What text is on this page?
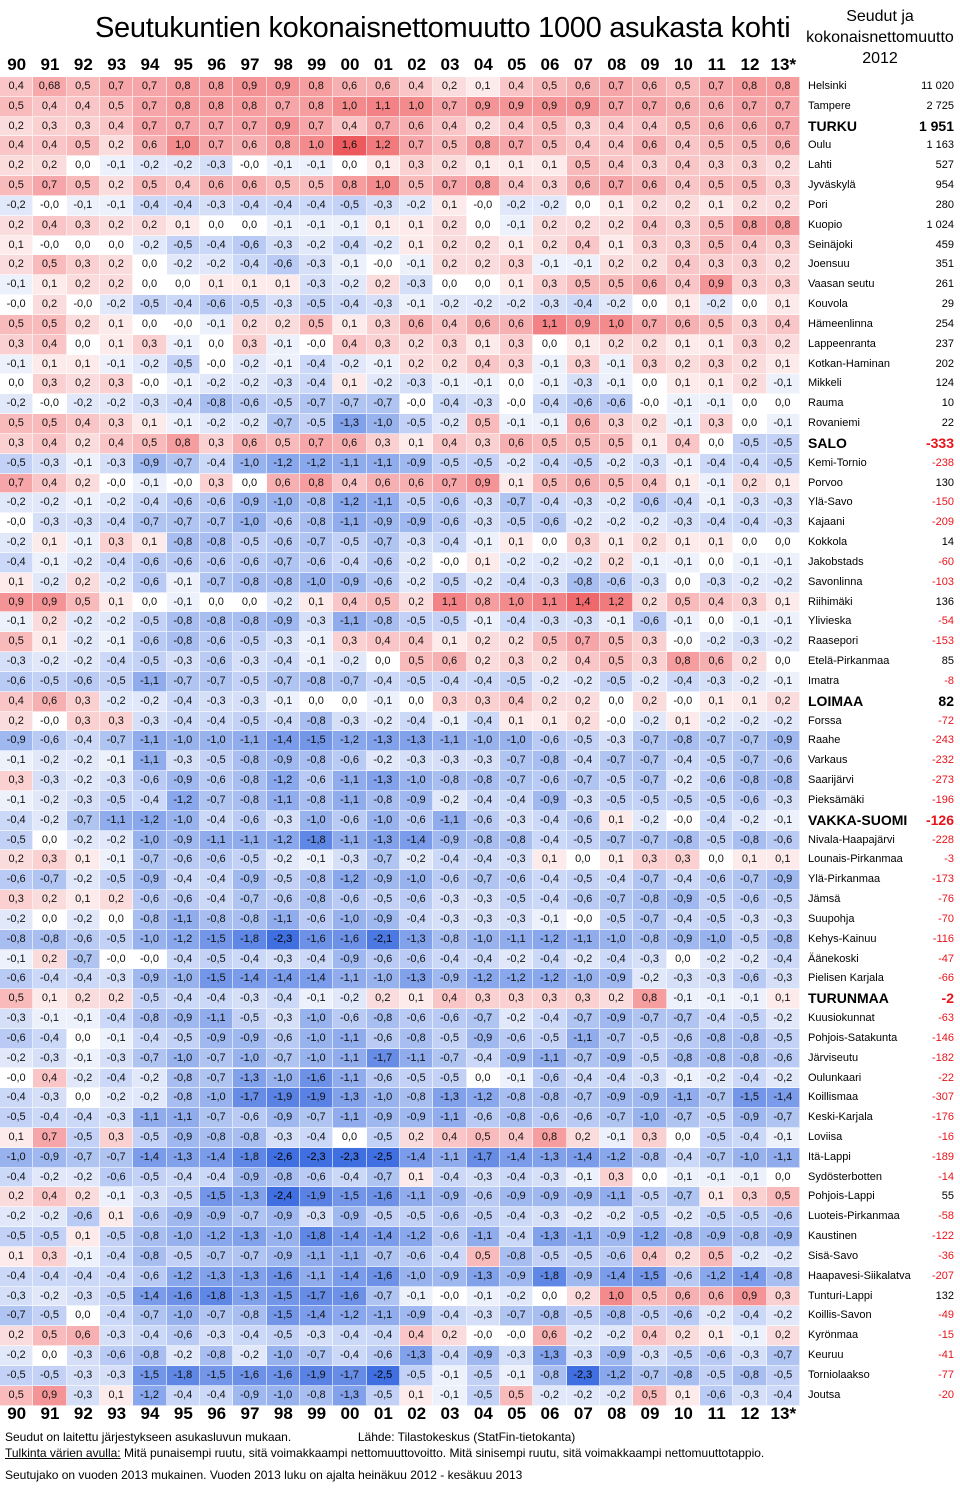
Seutukuntien kokonaisnettomuutto 1000 asukasta kohti	Seudut ja
kokonaisnettomuutto
2012
90 91 92 93 94 95 96 97 98 99 00 01 02 03 04 05 06 07 08 09 10 11 12 13*
0,4	0,68	0,5	0,7	0,7	0,8	0,8	0,9	0,9	0,8	0,6	0,6	0,4	0,2	0,1	0,4	0,5	0,6	0,7	0,6	0,5	0,7	0,8	0,8	Helsinki	11 020
0,5	0,4	0,4	0,5	0,7	0,8	0,8	0,8	0,7	0,8	1,0	1,1	1,0	0,7	0,9	0,9	0,9	0,9	0,7	0,7	0,6	0,6	0,7	0,7	Tampere	2 725
0,2	0,3	0,3	0,4	0,7	0,7	0,7	0,7	0,9	0,7	0,4	0,7	0,6	0,4	0,2	0,4	0,5	0,3	0,4	0,4	0,5	0,6	0,6	0,7	TURKU	1 951
0,4	0,4	0,5	0,2	0,6	1,0	0,7	0,6	0,8	1,0	1,6	1,2	0,7	0,5	0,8	0,7	0,5	0,4	0,4	0,6	0,4	0,5	0,5	0,6	Oulu	1 163
0,2	0,2	0,0	-0,1	-0,2	-0,2	-0,3	-0,0	-0,1	-0,1	0,0	0,1	0,3	0,2	0,1	0,1	0,1	0,5	0,4	0,3	0,4	0,3	0,3	0,2	Lahti	527
0,5	0,7	0,5	0,2	0,5	0,4	0,6	0,6	0,5	0,5	0,8	1,0	0,5	0,7	0,8	0,4	0,3	0,6	0,7	0,6	0,4	0,5	0,5	0,3	Jyväskylä	954
-0,2	-0,0	-0,1	-0,1	-0,4	-0,4	-0,3	-0,4	-0,4	-0,4	-0,5	-0,3	-0,2	0,1	-0,0	-0,2	-0,2	0,0	0,1	0,2	0,2	0,1	0,2	0,2	Pori	280
0,2	0,4	0,3	0,2	0,2	0,1	0,0	0,0	-0,1	-0,1	-0,1	0,1	0,1	0,2	0,0	-0,1	0,2	0,2	0,2	0,4	0,3	0,5	0,8	0,8	Kuopio	1 024
0,1	-0,0	0,0	0,0	-0,2	-0,5	-0,4	-0,6	-0,3	-0,2	-0,4	-0,2	0,1	0,2	0,2	0,1	0,2	0,4	0,1	0,3	0,3	0,5	0,4	0,3	Seinäjoki	459
0,2	0,5	0,3	0,2	0,0	-0,2	-0,2	-0,4	-0,6	-0,3	-0,1	-0,0	-0,1	0,2	0,2	0,3	-0,1	-0,1	0,2	0,2	0,4	0,3	0,3	0,2	Joensuu	351
-0,1	0,1	0,2	0,2	0,0	0,0	0,1	0,1	0,1	-0,3	-0,2	0,2	-0,3	0,0	0,0	0,1	0,3	0,5	0,5	0,6	0,4	0,9	0,3	0,3	Vaasan seutu	261
-0,0	0,2	-0,0	-0,2	-0,5	-0,4	-0,6	-0,5	-0,3	-0,5	-0,4	-0,3	-0,1	-0,2	-0,2	-0,2	-0,3	-0,4	-0,2	0,0	0,1	-0,2	0,0	0,1	Kouvola	29
0,5	0,5	0,2	0,1	0,0	-0,0	-0,1	0,2	0,2	0,5	0,1	0,3	0,6	0,4	0,6	0,6	1,1	0,9	1,0	0,7	0,6	0,5	0,3	0,4	Hämeenlinna	254
0,3	0,4	0,0	0,1	0,3	-0,1	0,0	0,3	-0,1	-0,0	0,4	0,3	0,2	0,3	0,1	0,3	0,0	0,1	0,2	0,2	0,1	0,1	0,3	0,2	Lappeenranta	237
-0,1	0,1	0,1	-0,1	-0,2	-0,5	-0,0	-0,2	-0,1	-0,4	-0,2	-0,1	0,2	0,2	0,4	0,3	-0,1	0,3	-0,1	0,3	0,2	0,3	0,2	0,1	Kotkan-Haminan	202
0,0	0,3	0,2	0,3	-0,0	-0,1	-0,2	-0,2	-0,3	-0,4	0,1	-0,2	-0,3	-0,1	-0,1	0,0	-0,1	-0,3	-0,1	0,0	0,1	0,1	0,2	-0,1	Mikkeli	124
-0,2	-0,0	-0,2	-0,2	-0,3	-0,4	-0,8	-0,6	-0,5	-0,7	-0,7	-0,7	-0,0	-0,4	-0,3	-0,0	-0,4	-0,6	-0,6	-0,0	-0,1	-0,1	0,0	0,0	Rauma	10
0,5	0,5	0,4	0,3	0,1	-0,1	-0,2	-0,2	-0,7	-0,5	-1,3	-1,0	-0,5	-0,2	0,5	-0,1	-0,1	0,6	0,3	0,2	-0,1	0,3	0,0	-0,1	Rovaniemi	22
0,3	0,4	0,2	0,4	0,5	0,8	0,3	0,6	0,5	0,7	0,6	0,3	0,1	0,4	0,3	0,6	0,5	0,5	0,5	0,1	0,4	0,0	-0,5	-0,5	SALO	-333
-0,5	-0,3	-0,1	-0,3	-0,9	-0,7	-0,4	-1,0	-1,2	-1,2	-1,1	-1,1	-0,9	-0,5	-0,5	-0,2	-0,4	-0,5	-0,2	-0,3	-0,1	-0,4	-0,4	-0,5	Kemi-Tornio	-238
0,7	0,4	0,2	-0,0	-0,1	-0,0	0,3	0,0	0,6	0,8	0,4	0,6	0,6	0,7	0,9	0,1	0,5	0,6	0,5	0,4	0,1	-0,1	0,2	0,1	Porvoo	130
-0,2	-0,2	-0,1	-0,2	-0,4	-0,6	-0,6	-0,9	-1,0	-0,8	-1,2	-1,1	-0,5	-0,6	-0,3	-0,7	-0,4	-0,3	-0,2	-0,6	-0,4	-0,1	-0,3	-0,3	Ylä-Savo	-150
-0,0	-0,3	-0,3	-0,4	-0,7	-0,7	-0,7	-1,0	-0,6	-0,8	-1,1	-0,9	-0,9	-0,6	-0,3	-0,5	-0,6	-0,2	-0,2	-0,2	-0,3	-0,4	-0,4	-0,3	Kajaani	-209
-0,2	0,1	-0,1	0,3	0,1	-0,8	-0,8	-0,5	-0,6	-0,7	-0,5	-0,7	-0,3	-0,4	-0,1	0,1	0,0	0,3	0,1	0,2	0,1	0,1	0,0	0,0	Kokkola	14
-0,4	-0,1	-0,2	-0,4	-0,6	-0,6	-0,6	-0,6	-0,7	-0,6	-0,4	-0,6	-0,2	-0,0	0,1	-0,2	-0,2	-0,2	0,2	-0,1	-0,1	0,0	-0,1	-0,1	Jakobstads	-60
0,1	-0,2	0,2	-0,2	-0,6	-0,1	-0,7	-0,8	-0,8	-1,0	-0,9	-0,6	-0,2	-0,5	-0,2	-0,4	-0,3	-0,8	-0,6	-0,3	0,0	-0,3	-0,2	-0,2	Savonlinna	-103
0,9	0,9	0,5	0,1	0,0	-0,1	0,0	0,0	-0,2	0,1	0,4	0,5	0,2	1,1	0,8	1,0	1,1	1,4	1,2	0,2	0,5	0,4	0,3	0,1	Riihimäki	136
-0,1	0,2	-0,2	-0,2	-0,5	-0,8	-0,8	-0,8	-0,9	-0,3	-1,1	-0,8	-0,5	-0,5	-0,1	-0,4	-0,3	-0,3	-0,1	-0,6	-0,1	0,0	-0,1	-0,1	Ylivieska	-54
0,5	0,1	-0,2	-0,1	-0,6	-0,8	-0,6	-0,5	-0,3	-0,1	0,3	0,4	0,4	0,1	0,2	0,2	0,5	0,7	0,5	0,3	-0,0	-0,2	-0,3	-0,2	Raasepori	-153
-0,3	-0,2	-0,2	-0,4	-0,5	-0,3	-0,6	-0,3	-0,4	-0,1	-0,2	0,0	0,5	0,6	0,2	0,3	0,2	0,4	0,5	0,3	0,8	0,6	0,2	0,0	Etelä-Pirkanmaa	85
-0,6	-0,5	-0,6	-0,5	-1,1	-0,7	-0,7	-0,5	-0,7	-0,8	-0,7	-0,4	-0,5	-0,4	-0,4	-0,5	-0,2	-0,2	-0,5	-0,2	-0,4	-0,3	-0,2	-0,1	Imatra	-8
0,4	0,6	0,3	-0,2	-0,2	-0,4	-0,3	-0,3	-0,1	0,0	0,0	-0,1	0,0	0,3	0,3	0,4	0,2	0,2	0,0	0,2	-0,0	0,1	0,1	0,2	LOIMAA	82
0,2	-0,0	0,3	0,3	-0,3	-0,4	-0,4	-0,5	-0,4	-0,8	-0,3	-0,2	-0,4	-0,1	-0,4	0,1	0,1	0,2	-0,0	-0,2	0,1	-0,2	-0,2	-0,2	Forssa	-72
-0,9	-0,6	-0,4	-0,7	-1,1	-1,0	-1,0	-1,1	-1,4	-1,5	-1,2	-1,3	-1,3	-1,1	-1,0	-1,0	-0,6	-0,5	-0,3	-0,7	-0,8	-0,7	-0,7	-0,9	Raahe	-243
-0,1	-0,2	-0,2	-0,1	-1,1	-0,3	-0,5	-0,8	-0,9	-0,8	-0,6	-0,2	-0,3	-0,3	-0,3	-0,7	-0,8	-0,4	-0,7	-0,7	-0,4	-0,5	-0,7	-0,6	Varkaus	-232
0,3	-0,3	-0,2	-0,3	-0,6	-0,9	-0,6	-0,8	-1,2	-0,6	-1,1	-1,3	-1,0	-0,8	-0,8	-0,7	-0,6	-0,7	-0,5	-0,7	-0,2	-0,6	-0,8	-0,8	Saarijärvi	-273
-0,1	-0,2	-0,3	-0,5	-0,4	-1,2	-0,7	-0,8	-1,1	-0,8	-1,1	-0,8	-0,9	-0,2	-0,4	-0,4	-0,9	-0,3	-0,5	-0,5	-0,5	-0,5	-0,6	-0,3	Pieksämäki	-196
-0,4	-0,2	-0,7	-1,1	-1,2	-1,0	-0,4	-0,6	-0,3	-1,0	-0,6	-1,0	-0,6	-1,1	-0,6	-0,3	-0,4	-0,6	0,1	-0,2	-0,0	-0,4	-0,2	-0,1	VAKKA-SUOMI	-126
-0,5	0,0	-0,2	-0,2	-1,0	-0,9	-1,1	-1,1	-1,2	-1,8	-1,1	-1,3	-1,4	-0,9	-0,8	-0,8	-0,4	-0,5	-0,7	-0,7	-0,8	-0,5	-0,8	-0,6	Nivala-Haapajärvi	-228
0,2	0,3	0,1	-0,1	-0,7	-0,6	-0,6	-0,5	-0,2	-0,1	-0,3	-0,7	-0,2	-0,4	-0,4	-0,3	0,1	0,0	0,1	0,3	0,3	0,0	0,1	0,1	Lounais-Pirkanmaa	-3
-0,6	-0,7	-0,2	-0,5	-0,9	-0,4	-0,4	-0,9	-0,5	-0,8	-1,2	-0,9	-1,0	-0,6	-0,7	-0,6	-0,4	-0,5	-0,4	-0,7	-0,4	-0,6	-0,7	-0,9	Ylä-Pirkanmaa	-173
0,3	0,2	0,1	0,2	-0,6	-0,6	-0,4	-0,7	-0,6	-0,8	-0,6	-0,5	-0,6	-0,3	-0,3	-0,5	-0,4	-0,6	-0,7	-0,8	-0,9	-0,5	-0,6	-0,5	Jämsä	-76
-0,2	0,0	-0,2	0,0	-0,8	-1,1	-0,8	-0,8	-1,1	-0,6	-1,0	-0,9	-0,4	-0,3	-0,3	-0,3	-0,1	-0,0	-0,5	-0,7	-0,4	-0,5	-0,3	-0,3	Suupohja	-70
-0,8	-0,8	-0,6	-0,5	-1,0	-1,2	-1,5	-1,8	-2,3	-1,6	-1,6	-2,1	-1,3	-0,8	-1,0	-1,1	-1,2	-1,1	-1,0	-0,8	-0,9	-1,0	-0,5	-0,8	Kehys-Kainuu	-116
-0,1	0,2	-0,7	-0,0	-0,0	-0,4	-0,5	-0,4	-0,3	-0,4	-0,9	-0,6	-0,6	-0,4	-0,4	-0,2	-0,4	-0,2	-0,4	-0,3	0,0	-0,2	-0,2	-0,4	Äänekoski	-47
-0,6	-0,4	-0,4	-0,3	-0,9	-1,0	-1,5	-1,4	-1,4	-1,4	-1,1	-1,0	-1,3	-0,9	-1,2	-1,2	-1,2	-1,0	-0,9	-0,2	-0,3	-0,3	-0,6	-0,3	Pielisen Karjala	-66
0,5	0,1	0,2	0,2	-0,5	-0,4	-0,4	-0,3	-0,4	-0,1	-0,2	0,2	0,1	0,4	0,3	0,3	0,3	0,3	0,2	0,8	-0,1	-0,1	-0,1	0,1	TURUNMAA	-2
-0,3	-0,1	-0,1	-0,4	-0,8	-0,9	-1,1	-0,5	-0,3	-1,0	-0,6	-0,8	-0,6	-0,6	-0,7	-0,2	-0,4	-0,7	-0,9	-0,7	-0,7	-0,4	-0,5	-0,2	Kuusiokunnat	-63
-0,6	-0,4	0,0	-0,1	-0,4	-0,5	-0,9	-0,9	-0,6	-1,0	-1,1	-0,6	-0,8	-0,5	-0,9	-0,6	-0,5	-1,1	-0,7	-0,5	-0,6	-0,8	-0,8	-0,5	Pohjois-Satakunta	-146
-0,2	-0,3	-0,1	-0,3	-0,7	-1,0	-0,7	-1,0	-0,7	-1,0	-1,1	-1,7	-1,1	-0,7	-0,4	-0,9	-1,1	-0,7	-0,9	-0,5	-0,8	-0,8	-0,8	-0,6	Järviseutu	-182
-0,0	0,4	-0,2	-0,4	-0,2	-0,8	-0,7	-1,3	-1,0	-1,6	-1,1	-0,6	-0,5	-0,5	0,0	-0,1	-0,6	-0,4	-0,4	-0,3	-0,1	-0,2	-0,4	-0,2	Oulunkaari	-22
-0,4	-0,3	0,0	-0,2	-0,2	-0,8	-1,0	-1,7	-1,9	-1,9	-1,3	-1,0	-0,8	-1,3	-1,2	-0,8	-0,8	-0,7	-0,9	-0,9	-1,1	-0,7	-1,5	-1,4	Koillismaa	-307
-0,5	-0,4	-0,4	-0,3	-1,1	-1,1	-0,7	-0,6	-0,9	-0,7	-1,1	-0,9	-0,9	-1,1	-0,6	-0,8	-0,6	-0,6	-0,7	-1,0	-0,7	-0,5	-0,9	-0,7	Keski-Karjala	-176
0,1	0,7	-0,5	0,3	-0,5	-0,9	-0,8	-0,8	-0,3	-0,4	0,0	-0,5	0,2	0,4	0,5	0,4	0,8	0,2	-0,1	0,3	0,0	-0,5	-0,4	-0,1	Loviisa	-16
-1,0	-0,9	-0,7	-0,7	-1,4	-1,3	-1,4	-1,8	-2,6	-2,3	-2,3	-2,5	-1,4	-1,1	-1,7	-1,4	-1,3	-1,4	-1,2	-0,8	-0,4	-0,7	-1,0	-1,1	Itä-Lappi	-189
-0,4	-0,2	-0,2	-0,6	-0,5	-0,4	-0,4	-0,9	-0,8	-0,6	-0,4	-0,7	0,1	-0,4	-0,3	-0,4	-0,3	-0,1	0,3	0,0	-0,1	-0,1	-0,1	0,0	Sydösterbotten	-14
0,2	0,4	0,2	-0,1	-0,3	-0,5	-1,5	-1,3	-2,4	-1,9	-1,5	-1,6	-1,1	-0,9	-0,6	-0,9	-0,9	-0,9	-1,1	-0,5	-0,7	0,1	0,3	0,5	Pohjois-Lappi	55
-0,2	-0,2	-0,6	0,1	-0,6	-0,9	-0,9	-0,7	-0,9	-0,3	-0,9	-0,5	-0,5	-0,6	-0,5	-0,4	-0,3	-0,2	-0,2	-0,5	-0,2	-0,5	-0,5	-0,6	Luoteis-Pirkanmaa	-58
-0,5	-0,5	0,1	-0,5	-0,8	-1,0	-1,2	-1,3	-1,0	-1,8	-1,4	-1,4	-1,2	-0,6	-1,1	-0,4	-1,3	-1,1	-0,9	-1,2	-0,8	-0,9	-0,8	-0,9	Kaustinen	-122
0,1	0,3	-0,1	-0,4	-0,8	-0,5	-0,7	-0,7	-0,9	-1,1	-1,1	-0,7	-0,6	-0,4	0,5	-0,8	-0,5	-0,5	-0,6	0,4	0,2	0,5	-0,2	-0,2	Sisä-Savo	-36
-0,4	-0,4	-0,4	-0,4	-0,6	-1,2	-1,3	-1,3	-1,6	-1,1	-1,4	-1,6	-1,0	-0,9	-1,3	-0,9	-1,8	-0,9	-1,4	-1,5	-0,6	-1,2	-1,4	-0,8	Haapavesi-Siikalatva	-207
-0,3	-0,2	-0,3	-0,5	-1,4	-1,6	-1,8	-1,3	-1,5	-1,7	-1,6	-0,7	-0,1	-0,0	-0,1	-0,2	0,0	0,2	1,0	0,5	0,6	0,6	0,9	0,3	Tunturi-Lappi	132
-0,7	-0,5	0,0	-0,4	-0,7	-1,0	-0,7	-0,8	-1,5	-1,4	-1,2	-1,1	-0,9	-0,4	-0,3	-0,7	-0,8	-0,5	-0,8	-0,5	-0,6	-0,2	-0,4	-0,2	Koillis-Savon	-49
0,2	0,5	0,6	-0,3	-0,4	-0,6	-0,3	-0,4	-0,5	-0,3	-0,4	-0,4	0,4	0,2	-0,0	-0,0	0,6	-0,2	-0,2	0,4	0,2	0,1	-0,1	0,2	Kyrönmaa	-15
-0,2	0,0	-0,3	-0,6	-0,8	-0,2	-0,8	-0,2	-1,0	-0,7	-0,4	-0,6	-1,3	-0,4	-0,9	-0,3	-1,3	-0,3	-0,9	-0,3	-0,5	-0,6	-0,3	-0,7	Keuruu	-41
-0,5	-0,5	-0,3	-0,3	-1,5	-1,8	-1,5	-1,6	-1,6	-1,9	-1,7	-2,5	-0,5	-0,1	-0,5	-0,1	-0,8	-2,3	-1,2	-0,7	-0,8	-0,5	-0,8	-0,5	Torniolaakso	-77
0,5	0,9	-0,3	0,1	-1,2	-0,4	-0,4	-0,9	-1,0	-0,8	-1,3	-0,5	0,1	-0,1	-0,5	0,5	-0,2	-0,2	-0,2	0,5	0,1	-0,6	-0,3	-0,4	Joutsa	-20
90 91 92 93 94 95 96 97 98 99 00 01 02 03 04 05 06 07 08 09 10 11 12 13*
Seudut on laitettu järjestykseen asukasluvun mukaan.	Lähde: Tilastokeskus (StatFin-tietokanta)
Tulkinta värien avulla: Mitä punaisempi ruutu, sitä voimakkaampi nettomuuttovoitto. Mitä sinisempi ruutu, sitä voimakkaampi nettomuuttotappio.
Seutujako on vuoden 2013 mukainen. Vuoden 2013 luku on ajalta heinäkuu 2012 - kesäkuu 2013
